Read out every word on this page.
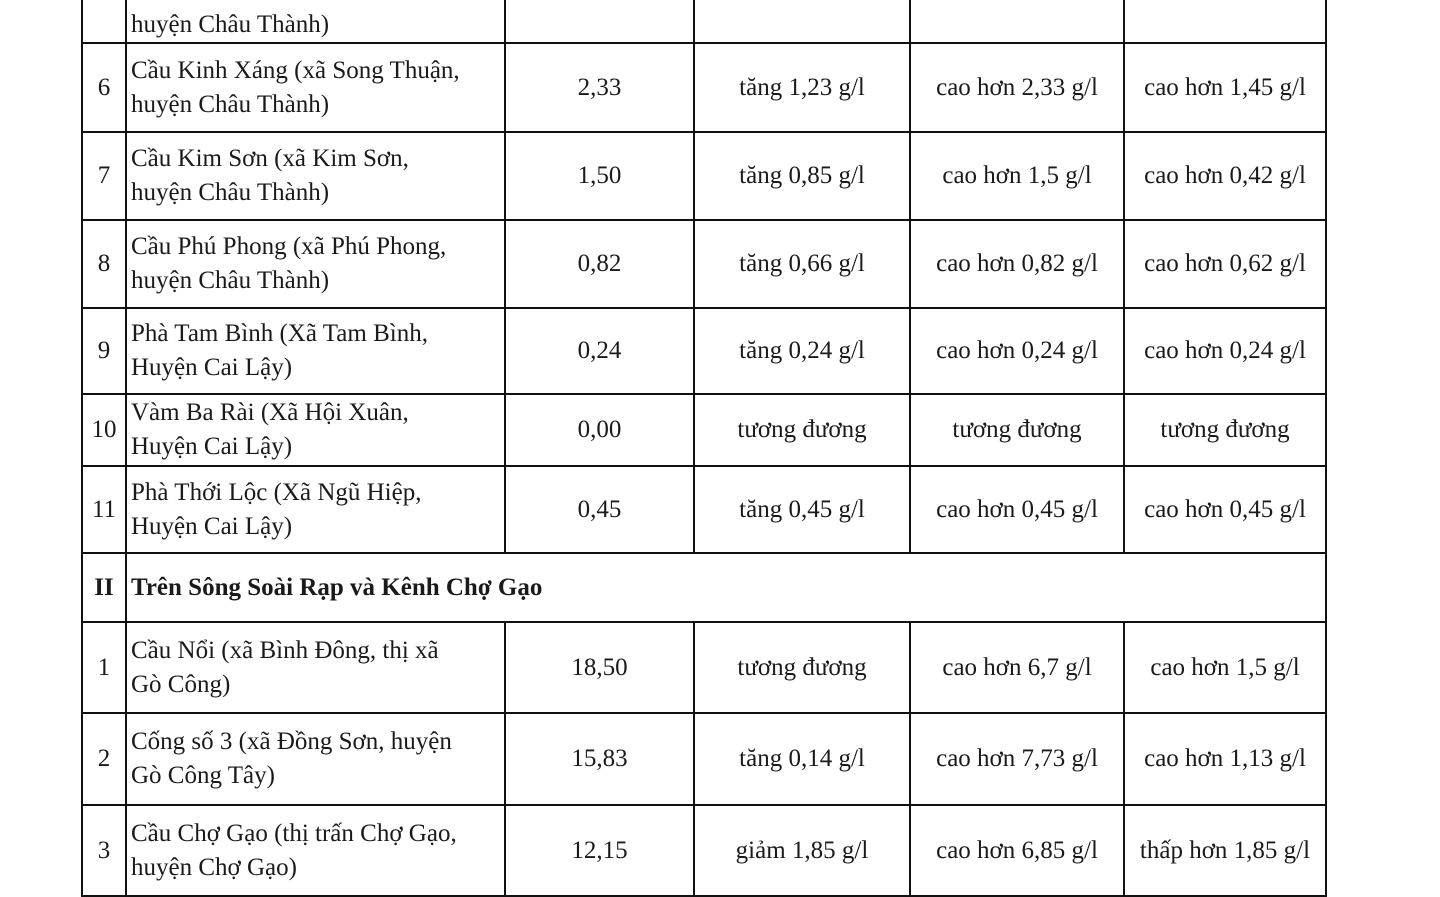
	huyện Châu Thành)				

6	Cầu Kinh Xáng (xã Song Thuận,
huyện Châu Thành)	2,33	tăng 1,23 g/l	cao hơn 2,33 g/l	cao hơn 1,45 g/l
7	Cầu Kim Sơn (xã Kim Sơn,
huyện Châu Thành)	1,50	tăng 0,85 g/l	cao hơn 1,5 g/l	cao hơn 0,42 g/l
8	Cầu Phú Phong (xã Phú Phong,
huyện Châu Thành)	0,82	tăng 0,66 g/l	cao hơn 0,82 g/l	cao hơn 0,62 g/l
9	Phà Tam Bình (Xã Tam Bình,
Huyện Cai Lậy)	0,24	tăng 0,24 g/l	cao hơn 0,24 g/l	cao hơn 0,24 g/l
10	Vàm Ba Rài (Xã Hội Xuân,
Huyện Cai Lậy)	0,00	tương đương	tương đương	tương đương
11	Phà Thới Lộc (Xã Ngũ Hiệp,
Huyện Cai Lậy)	0,45	tăng 0,45 g/l	cao hơn 0,45 g/l	cao hơn 0,45 g/l
II	Trên Sông Soài Rạp và Kênh Chợ Gạo				
1	Cầu Nổi (xã Bình Đông, thị xã
Gò Công)	18,50	tương đương	cao hơn 6,7 g/l	cao hơn 1,5 g/l
2	Cống số 3 (xã Đồng Sơn, huyện
Gò Công Tây)	15,83	tăng 0,14 g/l	cao hơn 7,73 g/l	cao hơn 1,13 g/l
3	Cầu Chợ Gạo (thị trấn Chợ Gạo,
huyện Chợ Gạo)	12,15	giảm 1,85 g/l	cao hơn 6,85 g/l	thấp hơn 1,85 g/l
